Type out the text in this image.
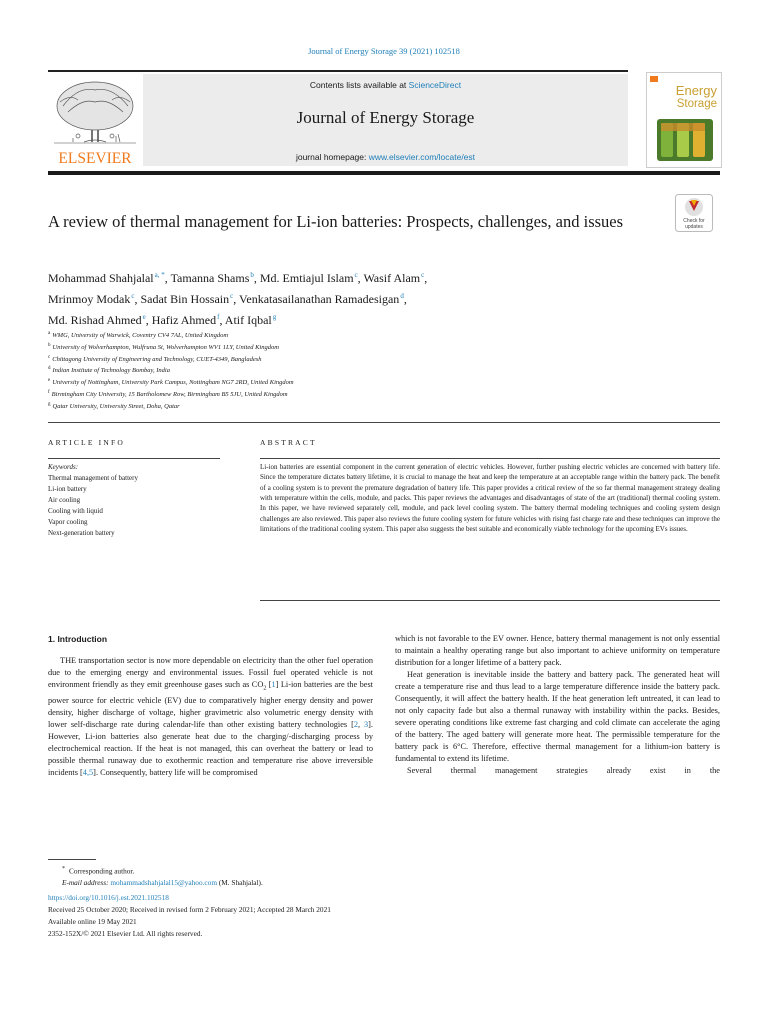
Journal of Energy Storage 39 (2021) 102518
ELSEVIER
Contents lists available at ScienceDirect
Journal of Energy Storage
journal homepage: www.elsevier.com/locate/est
Energy
Storage
A review of thermal management for Li-ion batteries: Prospects, challenges, and issues	Check for
updates
Mohammad Shahjalal$^{a, *}$, Tamanna Shams$^b$, Md. Emtiajul Islam$^c$, Wasif Alam$^c$,
Mrinmoy Modak$^c$, Sadat Bin Hossain$^c$, Venkatasailanathan Ramadesigan$^d$,
Md. Rishad Ahmed$^e$, Hafiz Ahmed$^f$, Atif Iqbal$^g$
$^a$ WMG, University of Warwick, Coventry CV4 7AL, United Kingdom
$^b$ University of Wolverhampton, Wulfruna St, Wolverhampton WV1 1LY, United Kingdom
$^c$ Chittagong University of Engineering and Technology, CUET-4349, Bangladesh
$^d$ Indian Institute of Technology Bombay, India
$^e$ University of Nottingham, University Park Campus, Nottingham NG7 2RD, United Kingdom
$^f$ Birmingham City University, 15 Bartholomew Row, Birmingham B5 5JU, United Kingdom
$^g$ Qatar University, University Street, Doha, Qatar
ARTICLE INFO
Keywords:
Thermal management of battery
Li-ion battery
Air cooling
Cooling with liquid
Vapor cooling
Next-generation battery
ABSTRACT
Li-ion batteries are essential component in the current generation of electric vehicles. However, further pushing electric vehicles are concerned with battery life. Since the temperature dictates battery lifetime, it is crucial to manage the heat and keep the temperature at an acceptable range within the battery pack. The benefit of a cooling system is to prevent the premature degradation of battery life. This paper provides a critical review of the so far thermal management strategy dealing with temperature within the cells, module, and packs. This paper reviews the advantages and disadvantages of state of the art (traditional) thermal cooling system. In this paper, we have reviewed separately cell, module, and pack level cooling system. The battery thermal modeling techniques and cooling system design challenges are also reviewed. This paper also reviews the future cooling system for future vehicles with rising fast charge rate and these techniques can improve the limitations of the traditional cooling system. This paper also suggests the best suitable and economically viable technology for the upcoming EVs issues.
1. Introduction

THE transportation sector is now more dependable on electricity than the other fuel operation due to the emerging energy and environmental issues. Fossil fuel operated vehicle is not environment friendly as they emit greenhouse gases such as $CO_2$ [1] Li-ion batteries are the best power source for electric vehicle (EV) due to comparatively higher energy density and power density, higher discharge of voltage, higher gravimetric also volumetric energy density with lower self-discharge rate during calendar-life than other existing battery technologies [2, 3]. However, Li-ion batteries also generate heat due to the charging/-discharging process by electrochemical reaction. If the heat is not managed, this can overheat the battery or lead to possible thermal runaway due to exothermic reaction and temperature rise above irreversible incidents [4,5]. Consequently, battery life will be compromised

which is not favorable to the EV owner. Hence, battery thermal management is not only essential to maintain a healthy operating range but also important to achieve uniformity on temperature distribution for a longer lifetime of a battery pack.

Heat generation is inevitable inside the battery and battery pack. The generated heat will create a temperature rise and thus lead to a large temperature difference inside the battery pack. Consequently, it will affect the battery health. If the heat generation left untreated, it can lead to not only capacity fade but also a thermal runaway with instability within the packs. Besides, severe operating conditions like extreme fast charging and cold climate can accelerate the aging of the battery. The aged battery will generate more heat. The permissible temperature for the battery pack is 6°C. Therefore, effective thermal management for a lithium-ion battery is fundamental to extend its lifetime.

Several thermal management strategies already exist in the

* Corresponding author.
E-mail address: mohammadshahjalal15@yahoo.com (M. Shahjalal).
https://doi.org/10.1016/j.est.2021.102518
Received 25 October 2020; Received in revised form 2 February 2021; Accepted 28 March 2021
Available online 19 May 2021
2352-152X/© 2021 Elsevier Ltd. All rights reserved.
